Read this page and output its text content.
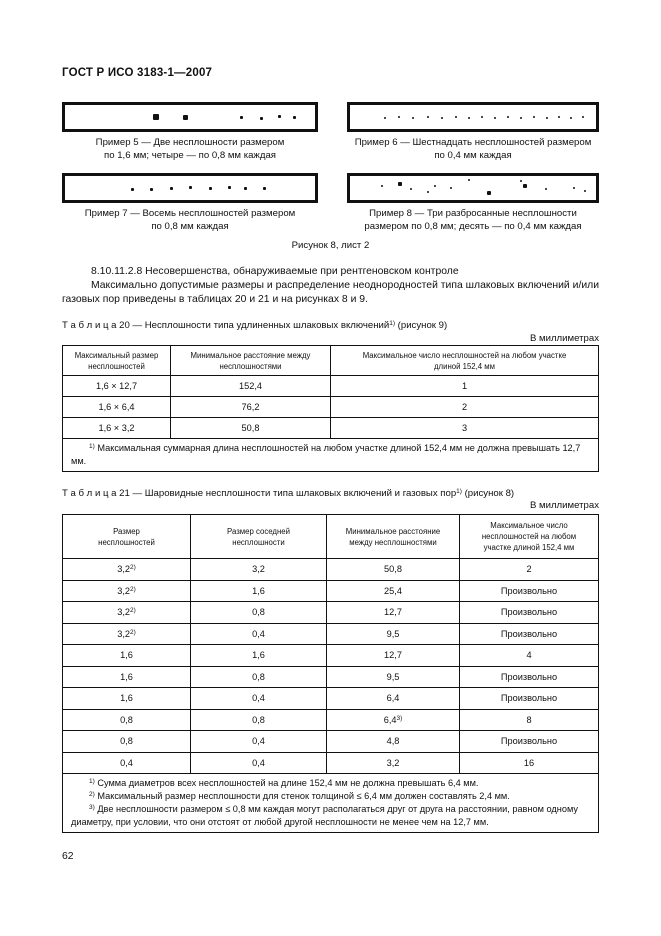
ГОСТ Р ИСО 3183-1—2007
Пример 5 — Две несплошности размером
по 1,6 мм; четыре — по 0,8 мм каждая
Пример 6 — Шестнадцать несплошностей размером
по 0,4 мм каждая
Пример 7 — Восемь несплошностей размером
по 0,8 мм каждая
Пример 8 — Три разбросанные несплошности
размером по 0,8 мм; десять — по 0,4 мм каждая
Рисунок 8, лист 2

8.10.11.2.8 Несовершенства, обнаруживаемые при рентгеновском контроле

Максимально допустимые размеры и распределение неоднородностей типа шлаковых включений и/или газовых пор приведены в таблицах 20 и 21 и на рисунках 8 и 9.

Т а б л и ц а 20 — Несплошности типа удлиненных шлаковых включений$^{1)}$ (рисунок 9)
В миллиметрах
Максимальный размер несплошностей	Минимальное расстояние между несплошностями	Максимальное число несплошностей на любом участке длиной 152,4 мм
1,6 × 12,7	152,4	1
1,6 × 6,4	76,2	2
1,6 × 3,2	50,8	3

$^{1)}$ Максимальная суммарная длина несплошностей на любом участке длиной 152,4 мм не должна превышать 12,7 мм.		
Т а б л и ц а 21 — Шаровидные несплошности типа шлаковых включений и газовых пор$^{1)}$ (рисунок 8)
В миллиметрах
Размер несплошностей	Размер соседней несплошности	Минимальное расстояние между несплошностями	Максимальное число несплошностей на любом участке длиной 152,4 мм
3,2$^{2)}$	3,2	50,8	2
3,2$^{2)}$	1,6	25,4	Произвольно
3,2$^{2)}$	0,8	12,7	Произвольно
3,2$^{2)}$	0,4	9,5	Произвольно
1,6	1,6	12,7	4
1,6	0,8	9,5	Произвольно
1,6	0,4	6,4	Произвольно
0,8	0,8	6,4$^{3)}$	8
0,8	0,4	4,8	Произвольно
0,4	0,4	3,2	16

$^{1)}$ Сумма диаметров всех несплошностей на длине 152,4 мм не должна превышать 6,4 мм.
$^{2)}$ Максимальный размер несплошности для стенок толщиной ≤ 6,4 мм должен составлять 2,4 мм.
$^{3)}$ Две несплошности размером ≤ 0,8 мм каждая могут располагаться друг от друга на расстоянии, равном одному диаметру, при условии, что они отстоят от любой другой несплошности не менее чем на 12,7 мм.			
62
